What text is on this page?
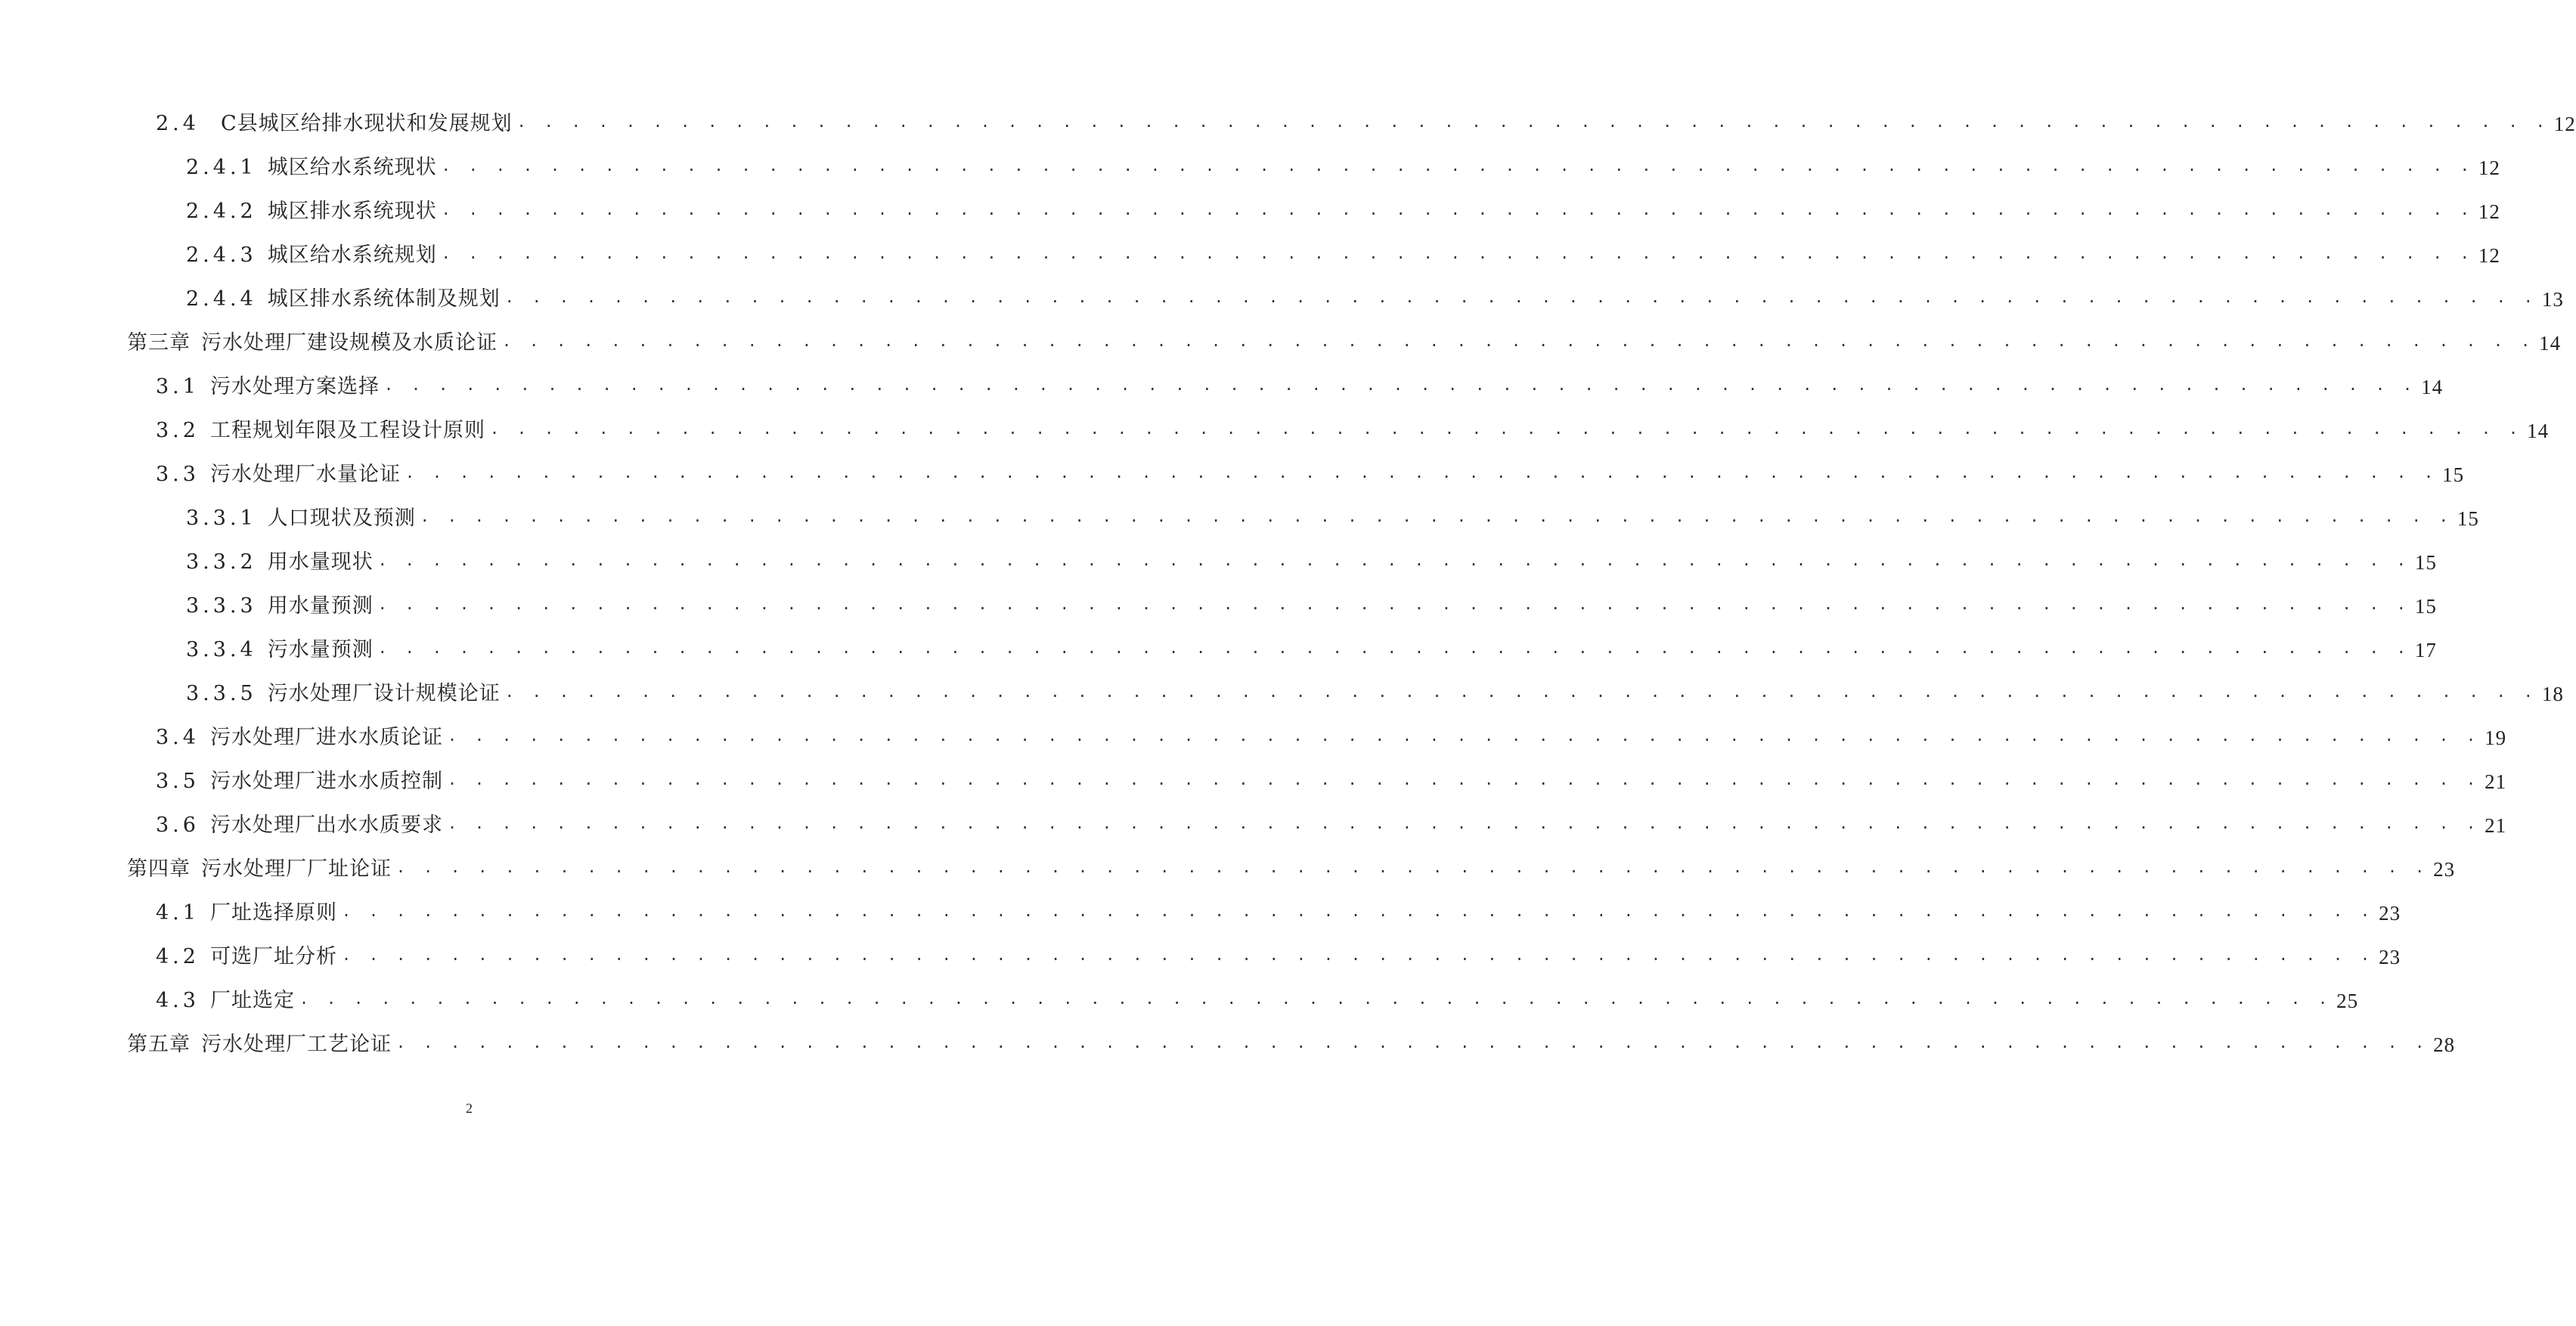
2.4 C县城区给排水现状和发展规划 . . . . . . . . . . . . . . . . . . . . . . . . . . . . . . . . . . . . . . . . . . . . . . . . . . . . . . . . . . . . . . . . . . . . . . . . . . . 12
2.4.1 城区给水系统现状 . . . . . . . . . . . . . . . . . . . . . . . . . . . . . . . . . . . . . . . . . . . . . . . . . . . . . . . . . . . . . . . . . . . . . . . . . . . 12
2.4.2 城区排水系统现状 . . . . . . . . . . . . . . . . . . . . . . . . . . . . . . . . . . . . . . . . . . . . . . . . . . . . . . . . . . . . . . . . . . . . . . . . . . . 12
2.4.3 城区给水系统规划 . . . . . . . . . . . . . . . . . . . . . . . . . . . . . . . . . . . . . . . . . . . . . . . . . . . . . . . . . . . . . . . . . . . . . . . . . . . 12
2.4.4 城区排水系统体制及规划 . . . . . . . . . . . . . . . . . . . . . . . . . . . . . . . . . . . . . . . . . . . . . . . . . . . . . . . . . . . . . . . . . . . . . . . . . . . 13
第三章 污水处理厂建设规模及水质论证 . . . . . . . . . . . . . . . . . . . . . . . . . . . . . . . . . . . . . . . . . . . . . . . . . . . . . . . . . . . . . . . . . . . . . . . . . . . 14
3.1 污水处理方案选择 . . . . . . . . . . . . . . . . . . . . . . . . . . . . . . . . . . . . . . . . . . . . . . . . . . . . . . . . . . . . . . . . . . . . . . . . . . . 14
3.2 工程规划年限及工程设计原则 . . . . . . . . . . . . . . . . . . . . . . . . . . . . . . . . . . . . . . . . . . . . . . . . . . . . . . . . . . . . . . . . . . . . . . . . . . . 14
3.3 污水处理厂水量论证 . . . . . . . . . . . . . . . . . . . . . . . . . . . . . . . . . . . . . . . . . . . . . . . . . . . . . . . . . . . . . . . . . . . . . . . . . . . 15
3.3.1 人口现状及预测 . . . . . . . . . . . . . . . . . . . . . . . . . . . . . . . . . . . . . . . . . . . . . . . . . . . . . . . . . . . . . . . . . . . . . . . . . . . 15
3.3.2 用水量现状 . . . . . . . . . . . . . . . . . . . . . . . . . . . . . . . . . . . . . . . . . . . . . . . . . . . . . . . . . . . . . . . . . . . . . . . . . . . 15
3.3.3 用水量预测 . . . . . . . . . . . . . . . . . . . . . . . . . . . . . . . . . . . . . . . . . . . . . . . . . . . . . . . . . . . . . . . . . . . . . . . . . . . 15
3.3.4 污水量预测 . . . . . . . . . . . . . . . . . . . . . . . . . . . . . . . . . . . . . . . . . . . . . . . . . . . . . . . . . . . . . . . . . . . . . . . . . . . 17
3.3.5 污水处理厂设计规模论证 . . . . . . . . . . . . . . . . . . . . . . . . . . . . . . . . . . . . . . . . . . . . . . . . . . . . . . . . . . . . . . . . . . . . . . . . . . . 18
3.4 污水处理厂进水水质论证 . . . . . . . . . . . . . . . . . . . . . . . . . . . . . . . . . . . . . . . . . . . . . . . . . . . . . . . . . . . . . . . . . . . . . . . . . . . 19
3.5 污水处理厂进水水质控制 . . . . . . . . . . . . . . . . . . . . . . . . . . . . . . . . . . . . . . . . . . . . . . . . . . . . . . . . . . . . . . . . . . . . . . . . . . . 21
3.6 污水处理厂出水水质要求 . . . . . . . . . . . . . . . . . . . . . . . . . . . . . . . . . . . . . . . . . . . . . . . . . . . . . . . . . . . . . . . . . . . . . . . . . . . 21
第四章 污水处理厂厂址论证 . . . . . . . . . . . . . . . . . . . . . . . . . . . . . . . . . . . . . . . . . . . . . . . . . . . . . . . . . . . . . . . . . . . . . . . . . . . 23
4.1 厂址选择原则 . . . . . . . . . . . . . . . . . . . . . . . . . . . . . . . . . . . . . . . . . . . . . . . . . . . . . . . . . . . . . . . . . . . . . . . . . . . 23
4.2 可选厂址分析 . . . . . . . . . . . . . . . . . . . . . . . . . . . . . . . . . . . . . . . . . . . . . . . . . . . . . . . . . . . . . . . . . . . . . . . . . . . 23
4.3 厂址选定 . . . . . . . . . . . . . . . . . . . . . . . . . . . . . . . . . . . . . . . . . . . . . . . . . . . . . . . . . . . . . . . . . . . . . . . . . . . 25
第五章 污水处理厂工艺论证 . . . . . . . . . . . . . . . . . . . . . . . . . . . . . . . . . . . . . . . . . . . . . . . . . . . . . . . . . . . . . . . . . . . . . . . . . . . 28
2
